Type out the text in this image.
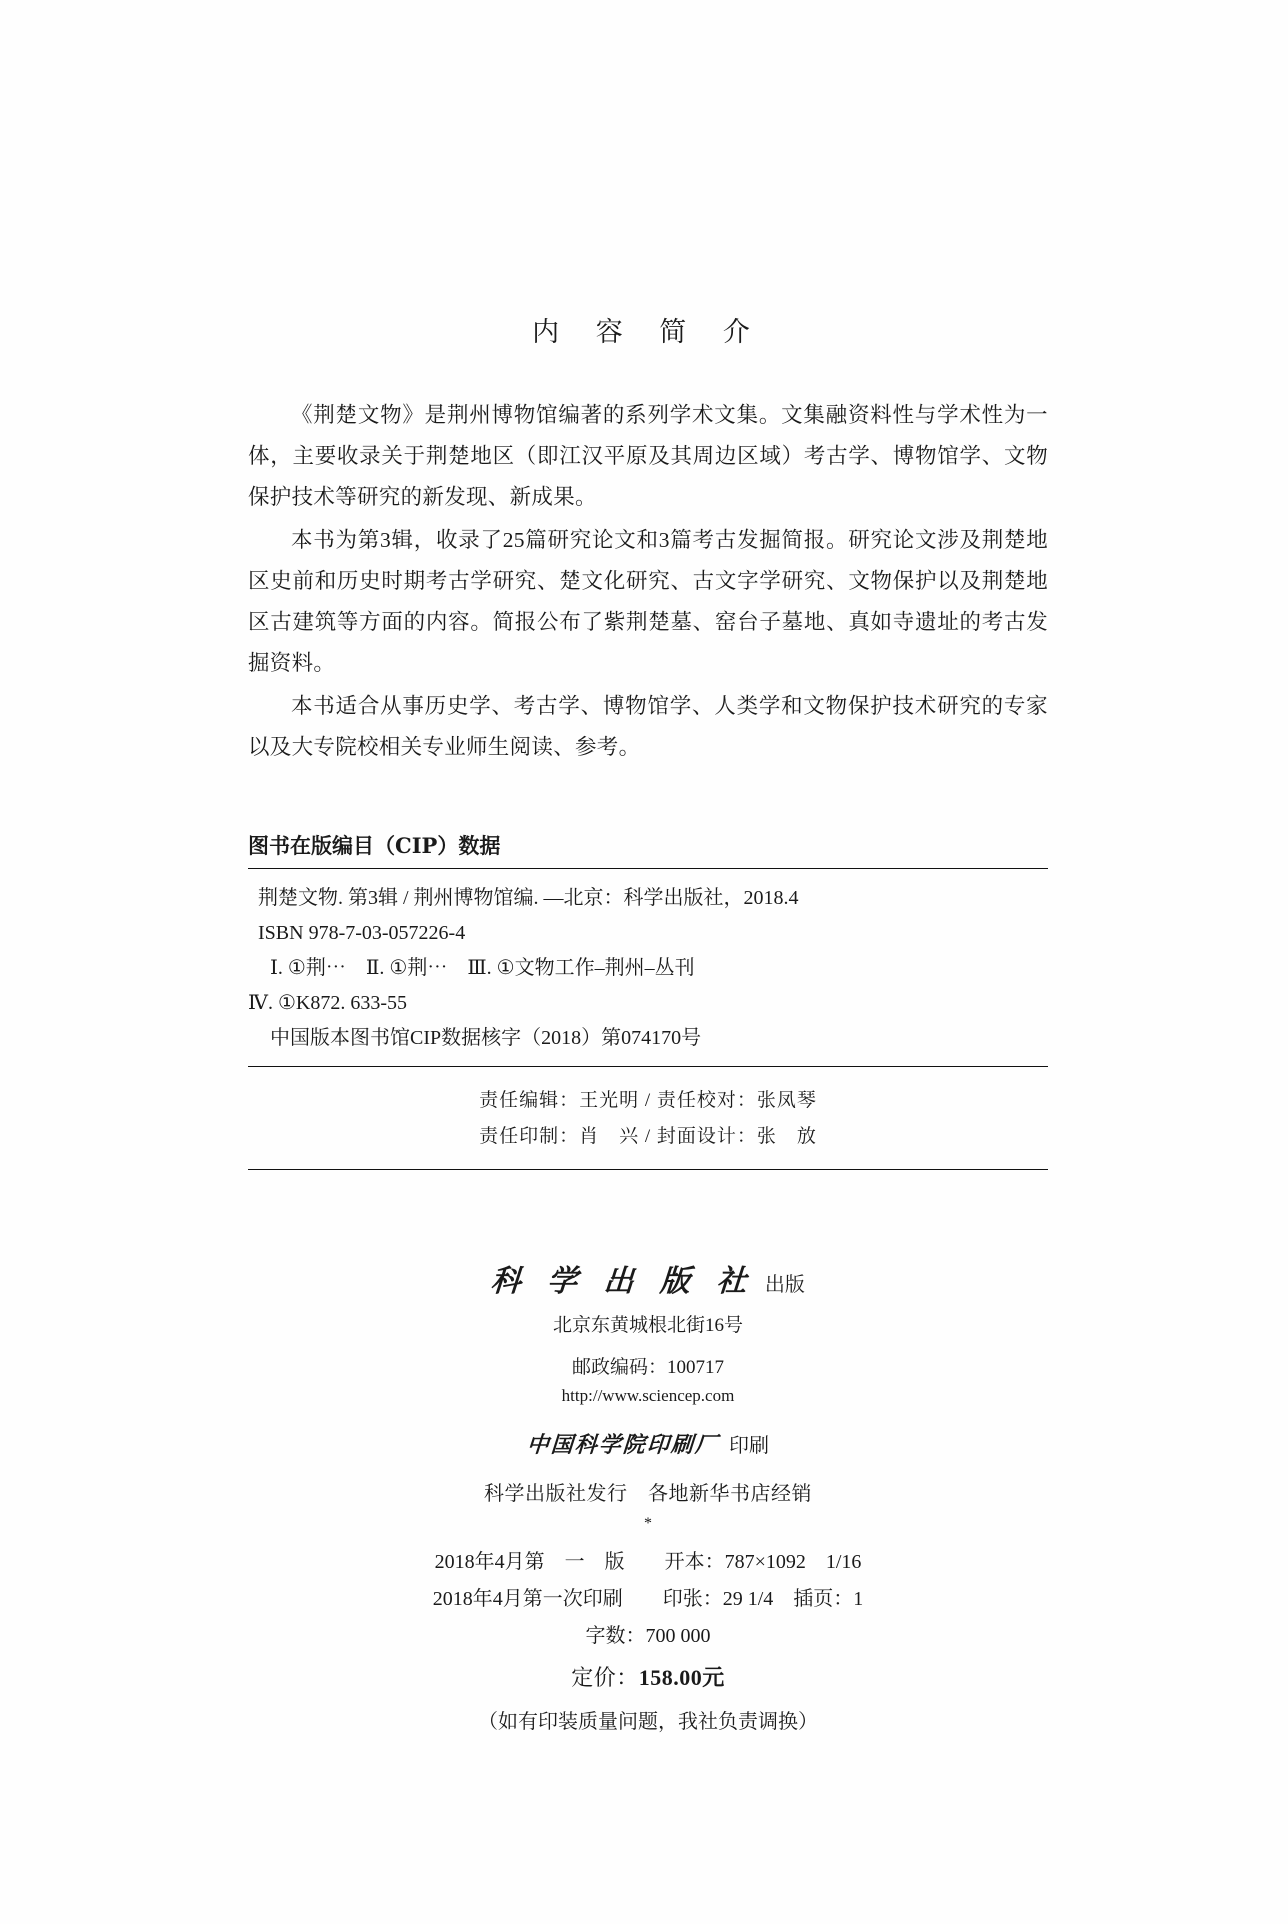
内 容 简 介

《荆楚文物》是荆州博物馆编著的系列学术文集。文集融资料性与学术性为一体，主要收录关于荆楚地区（即江汉平原及其周边区域）考古学、博物馆学、文物保护技术等研究的新发现、新成果。

本书为第3辑，收录了25篇研究论文和3篇考古发掘简报。研究论文涉及荆楚地区史前和历史时期考古学研究、楚文化研究、古文字学研究、文物保护以及荆楚地区古建筑等方面的内容。简报公布了紫荆楚墓、窑台子墓地、真如寺遗址的考古发掘资料。

本书适合从事历史学、考古学、博物馆学、人类学和文物保护技术研究的专家以及大专院校相关专业师生阅读、参考。

图书在版编目（CIP）数据
荆楚文物. 第3辑 / 荆州博物馆编. —北京：科学出版社，2018.4
ISBN 978-7-03-057226-4
Ⅰ. ①荆⋯　Ⅱ. ①荆⋯　Ⅲ. ①文物工作–荆州–丛刊
Ⅳ. ①K872. 633-55
中国版本图书馆CIP数据核字（2018）第074170号
责任编辑：王光明 / 责任校对：张凤琴
责任印制：肖　兴 / 封面设计：张　放
科 学 出 版 社 出版
北京东黄城根北街16号
邮政编码：100717
http://www.sciencep.com
中国科学院印刷厂 印刷
科学出版社发行　各地新华书店经销
*
2018年4月第　一　版　　开本：787×1092　1/16
2018年4月第一次印刷　　印张：29 1/4　插页：1
字数：700 000
定价：158.00元
（如有印装质量问题，我社负责调换）
